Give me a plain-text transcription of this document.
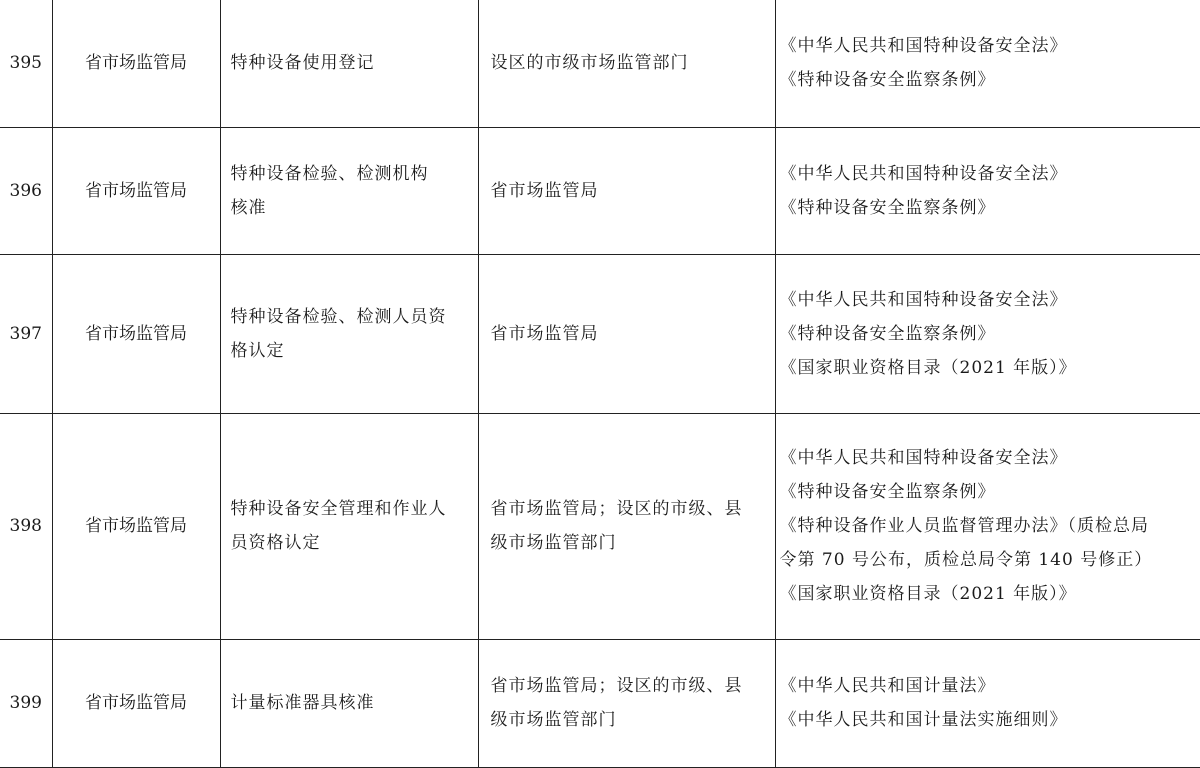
395	省市场监管局	特种设备使用登记	设区的市级市场监管部门	《中华人民共和国特种设备安全法》
《特种设备安全监察条例》

396	省市场监管局	特种设备检验、检测机构
核准	省市场监管局	《中华人民共和国特种设备安全法》
《特种设备安全监察条例》

397	省市场监管局	特种设备检验、检测人员资
格认定	省市场监管局	《中华人民共和国特种设备安全法》
《特种设备安全监察条例》
《国家职业资格目录（2021 年版）》

398	省市场监管局	特种设备安全管理和作业人
员资格认定	省市场监管局；设区的市级、县
级市场监管部门	《中华人民共和国特种设备安全法》
《特种设备安全监察条例》
《特种设备作业人员监督管理办法》（质检总局
令第 70 号公布，质检总局令第 140 号修正）
《国家职业资格目录（2021 年版）》

399	省市场监管局	计量标准器具核准	省市场监管局；设区的市级、县
级市场监管部门	《中华人民共和国计量法》
《中华人民共和国计量法实施细则》
